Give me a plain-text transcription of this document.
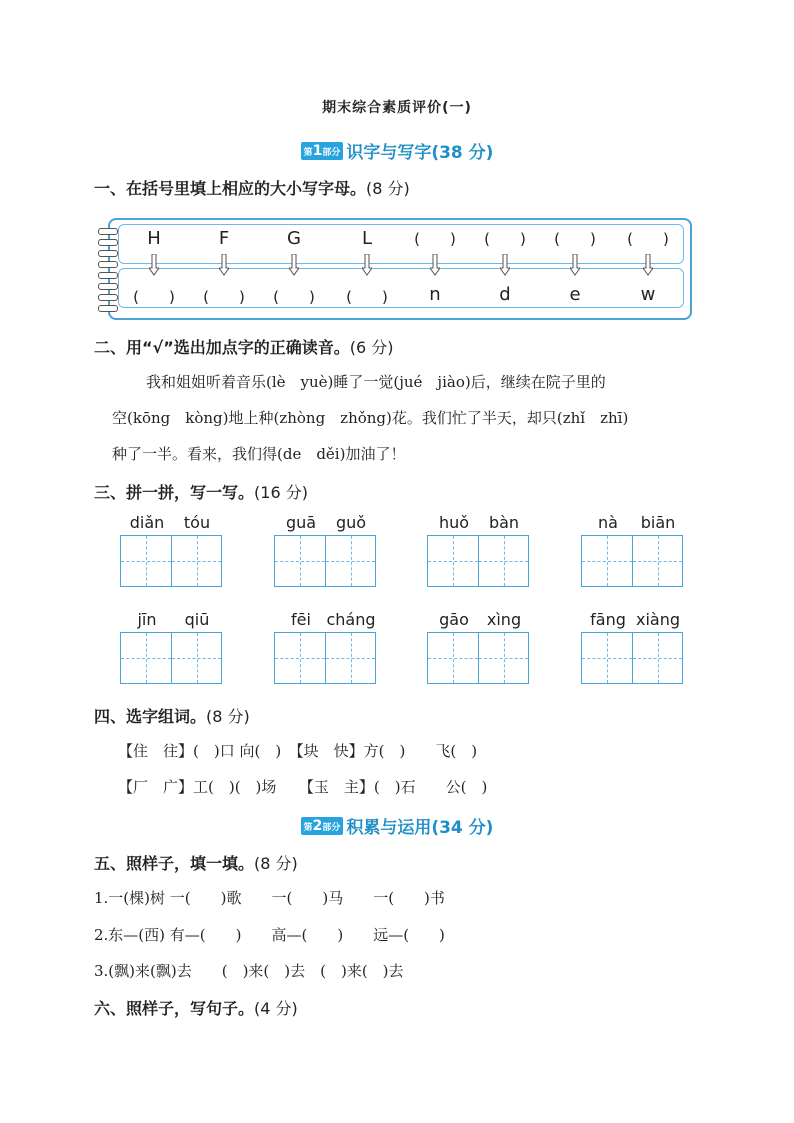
期末综合素质评价(一)
第1部分 识字与写字(38 分)
一、在括号里填上相应的大小写字母。(8 分)
H	F	G	L	(　　) (　　) (　　) (　　)
(　　) (　　) (　　) (　　) n	d	e	w
二、用“√”选出加点字的正确读音。(6 分)
我和姐姐听着音乐(lè　yuè)睡了一觉(jué　jiào)后，继续在院子里的
空(kōng　kòng)地上种(zhòng　zhǒng)花。我们忙了半天，却只(zhǐ　zhī)
种了一半。看来，我们得(de　děi)加油了！
三、拼一拼，写一写。(16 分)
diǎn	tóu	guā	guǒ	huǒ	bàn	nà	biān
jīn	qiū	fēi cháng	gāo	xìng	fāng xiàng
四、选字组词。(8 分)
【住　往】(　)口 向(　)　【块　快】方(　)　　飞(　)
【厂　广】工(　)(　)场　　【玉　主】(　)石　　公(　)
第2部分 积累与运用(34 分)
五、照样子，填一填。(8 分)
1.一(棵)树 一(　　)歌　　一(　　)马　　一(　　)书
2.东—(西) 有—(　　)　　高—(　　)　　远—(　　)
3.(飘)来(飘)去　　(　)来(　)去　(　)来(　)去
六、照样子，写句子。(4 分)
